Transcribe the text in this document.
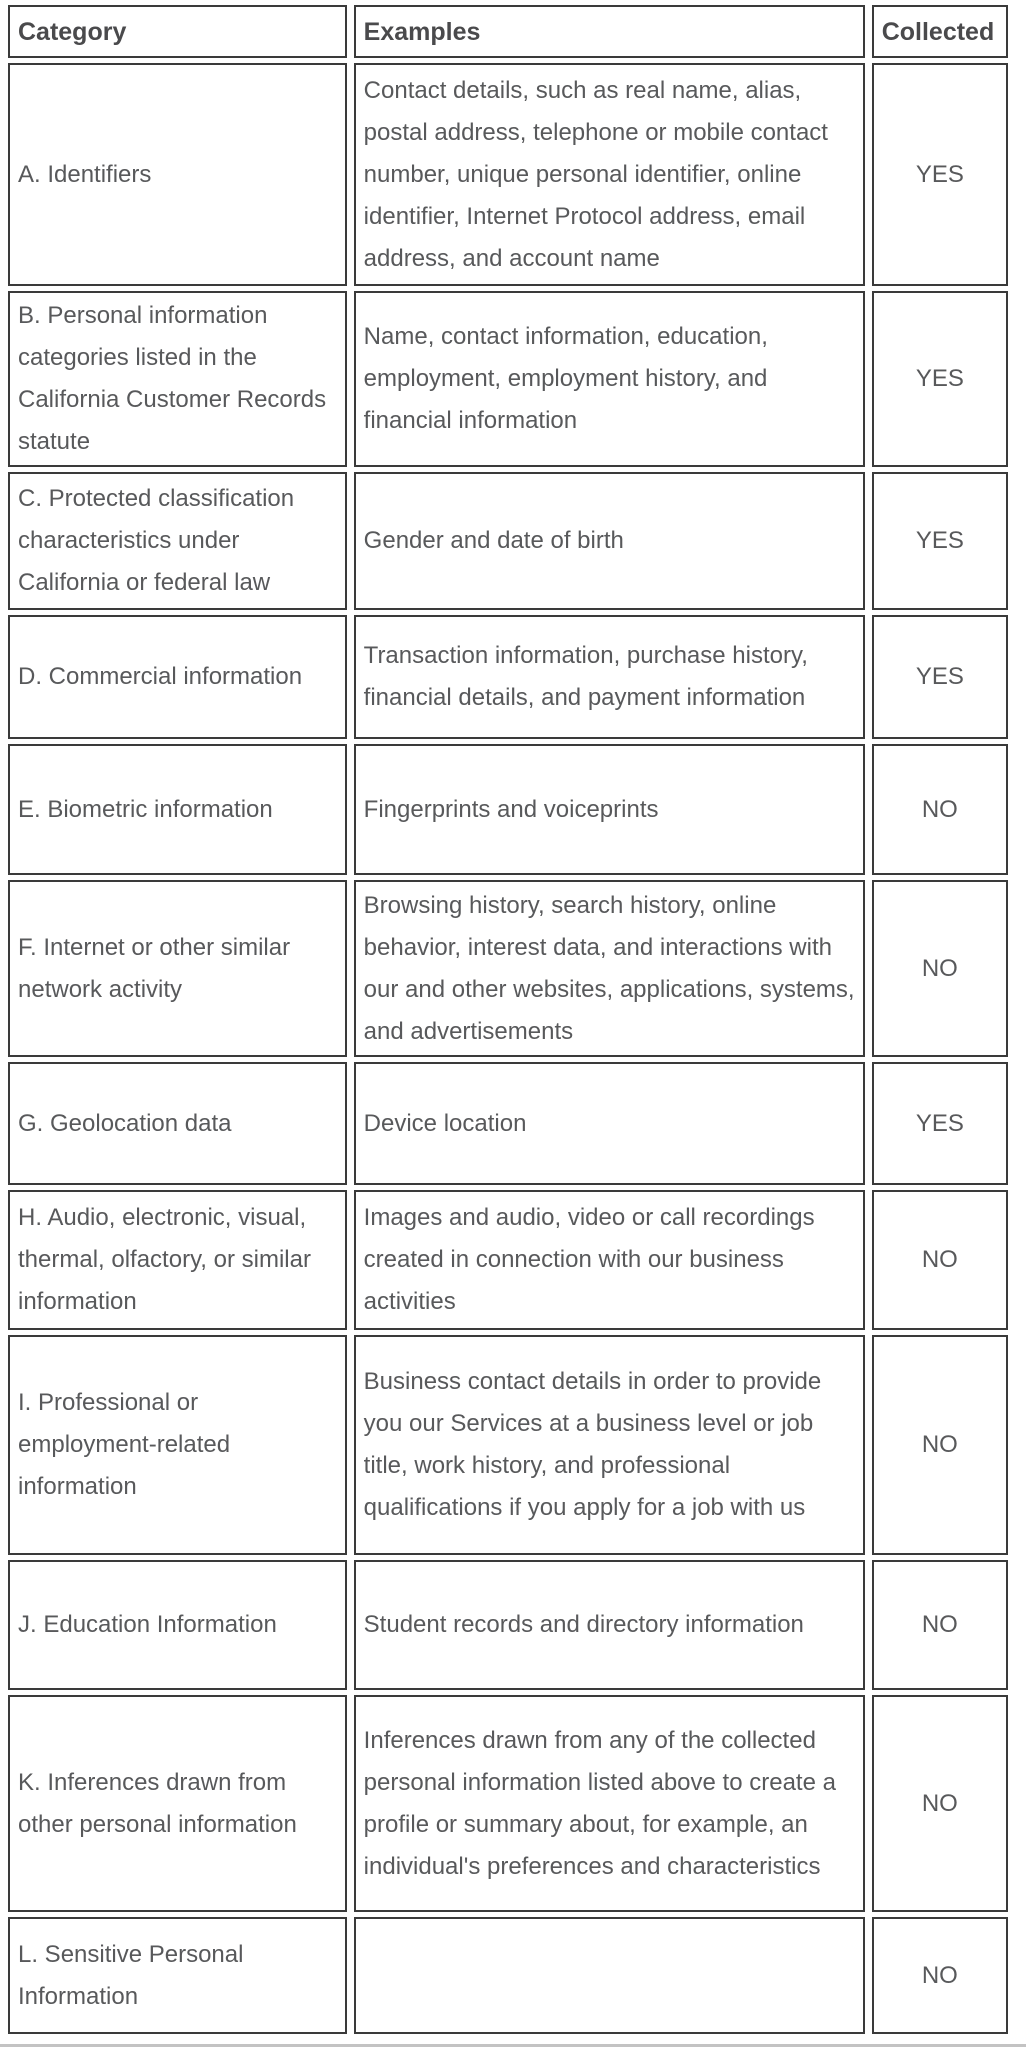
Category	Examples	Collected
A. Identifiers	Contact details, such as real name, alias, postal address, telephone or mobile contact number, unique personal identifier, online identifier, Internet Protocol address, email address, and account name	YES
B. Personal information categories listed in the California Customer Records statute	Name, contact information, education, employment, employment history, and financial information	YES
C. Protected classification characteristics under California or federal law	Gender and date of birth	YES
D. Commercial information	Transaction information, purchase history, financial details, and payment information	YES
E. Biometric information	Fingerprints and voiceprints	NO
F. Internet or other similar network activity	Browsing history, search history, online behavior, interest data, and interactions with our and other websites, applications, systems, and advertisements	NO
G. Geolocation data	Device location	YES
H. Audio, electronic, visual, thermal, olfactory, or similar information	Images and audio, video or call recordings created in connection with our business activities	NO
I. Professional or employment-related information	Business contact details in order to provide you our Services at a business level or job title, work history, and professional qualifications if you apply for a job with us	NO
J. Education Information	Student records and directory information	NO
K. Inferences drawn from other personal information	Inferences drawn from any of the collected personal information listed above to create a profile or summary about, for example, an individual's preferences and characteristics	NO
L. Sensitive Personal Information		NO
